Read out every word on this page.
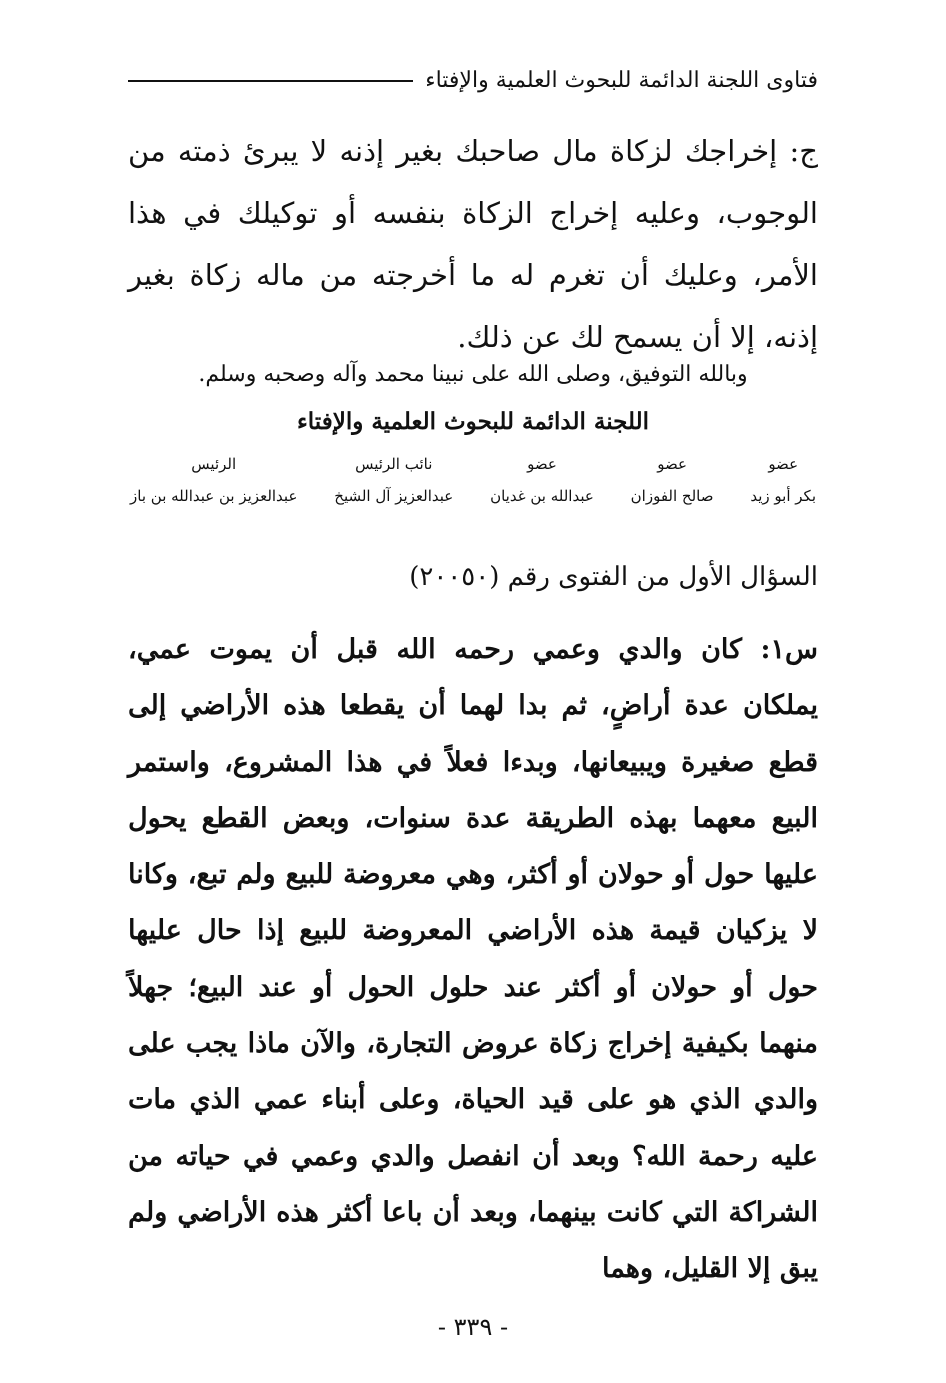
فتاوى اللجنة الدائمة للبحوث العلمية والإفتاء
ج: إخراجك لزكاة مال صاحبك بغير إذنه لا يبرئ ذمته من الوجوب، وعليه إخراج الزكاة بنفسه أو توكيلك في هذا الأمر، وعليك أن تغرم له ما أخرجته من ماله زكاة بغير إذنه، إلا أن يسمح لك عن ذلك.
وبالله التوفيق، وصلى الله على نبينا محمد وآله وصحبه وسلم.
اللجنة الدائمة للبحوث العلمية والإفتاء
عضو
بكر أبو زيد
عضو
صالح الفوزان
عضو
عبدالله بن غديان
نائب الرئيس
عبدالعزيز آل الشيخ
الرئيس
عبدالعزيز بن عبدالله بن باز
السؤال الأول من الفتوى رقم (٢٠٠٥٠)
س١: كان والدي وعمي رحمه الله قبل أن يموت عمي، يملكان عدة أراضٍ، ثم بدا لهما أن يقطعا هذه الأراضي إلى قطع صغيرة ويبيعانها، وبدءا فعلاً في هذا المشروع، واستمر البيع معهما بهذه الطريقة عدة سنوات، وبعض القطع يحول عليها حول أو حولان أو أكثر، وهي معروضة للبيع ولم تبع، وكانا لا يزكيان قيمة هذه الأراضي المعروضة للبيع إذا حال عليها حول أو حولان أو أكثر عند حلول الحول أو عند البيع؛ جهلاً منهما بكيفية إخراج زكاة عروض التجارة، والآن ماذا يجب على والدي الذي هو على قيد الحياة، وعلى أبناء عمي الذي مات عليه رحمة الله؟ وبعد أن انفصل والدي وعمي في حياته من الشراكة التي كانت بينهما، وبعد أن باعا أكثر هذه الأراضي ولم يبق إلا القليل، وهما
- ٣٣٩ -
